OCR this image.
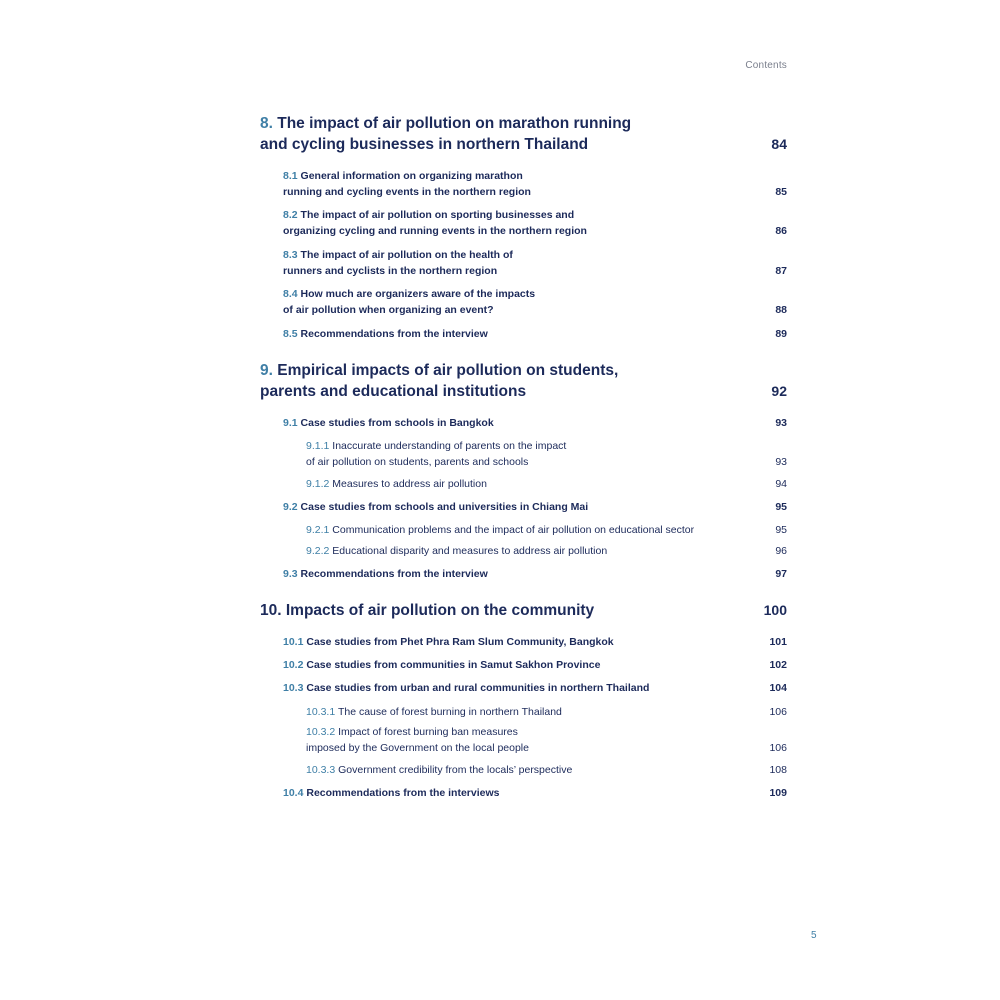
Contents
8. The impact of air pollution on marathon running
and cycling businesses in northern Thailand	84
8.1 General information on organizing marathon
running and cycling events in the northern region	85
8.2 The impact of air pollution on sporting businesses and
organizing cycling and running events in the northern region	86
8.3 The impact of air pollution on the health of
runners and cyclists in the northern region	87
8.4 How much are organizers aware of the impacts
of air pollution when organizing an event?	88
8.5 Recommendations from the interview	89
9. Empirical impacts of air pollution on students,
parents and educational institutions	92
9.1 Case studies from schools in Bangkok	93
9.1.1 Inaccurate understanding of parents on the impact
of air pollution on students, parents and schools	93
9.1.2 Measures to address air pollution	94
9.2 Case studies from schools and universities in Chiang Mai	95
9.2.1 Communication problems and the impact of air pollution on educational sector	95
9.2.2 Educational disparity and measures to address air pollution	96
9.3 Recommendations from the interview	97
10. Impacts of air pollution on the community	100
10.1 Case studies from Phet Phra Ram Slum Community, Bangkok	101
10.2 Case studies from communities in Samut Sakhon Province	102
10.3 Case studies from urban and rural communities in northern Thailand	104
10.3.1 The cause of forest burning in northern Thailand	106
10.3.2 Impact of forest burning ban measures
imposed by the Government on the local people	106
10.3.3 Government credibility from the locals’ perspective	108
10.4 Recommendations from the interviews	109
5
